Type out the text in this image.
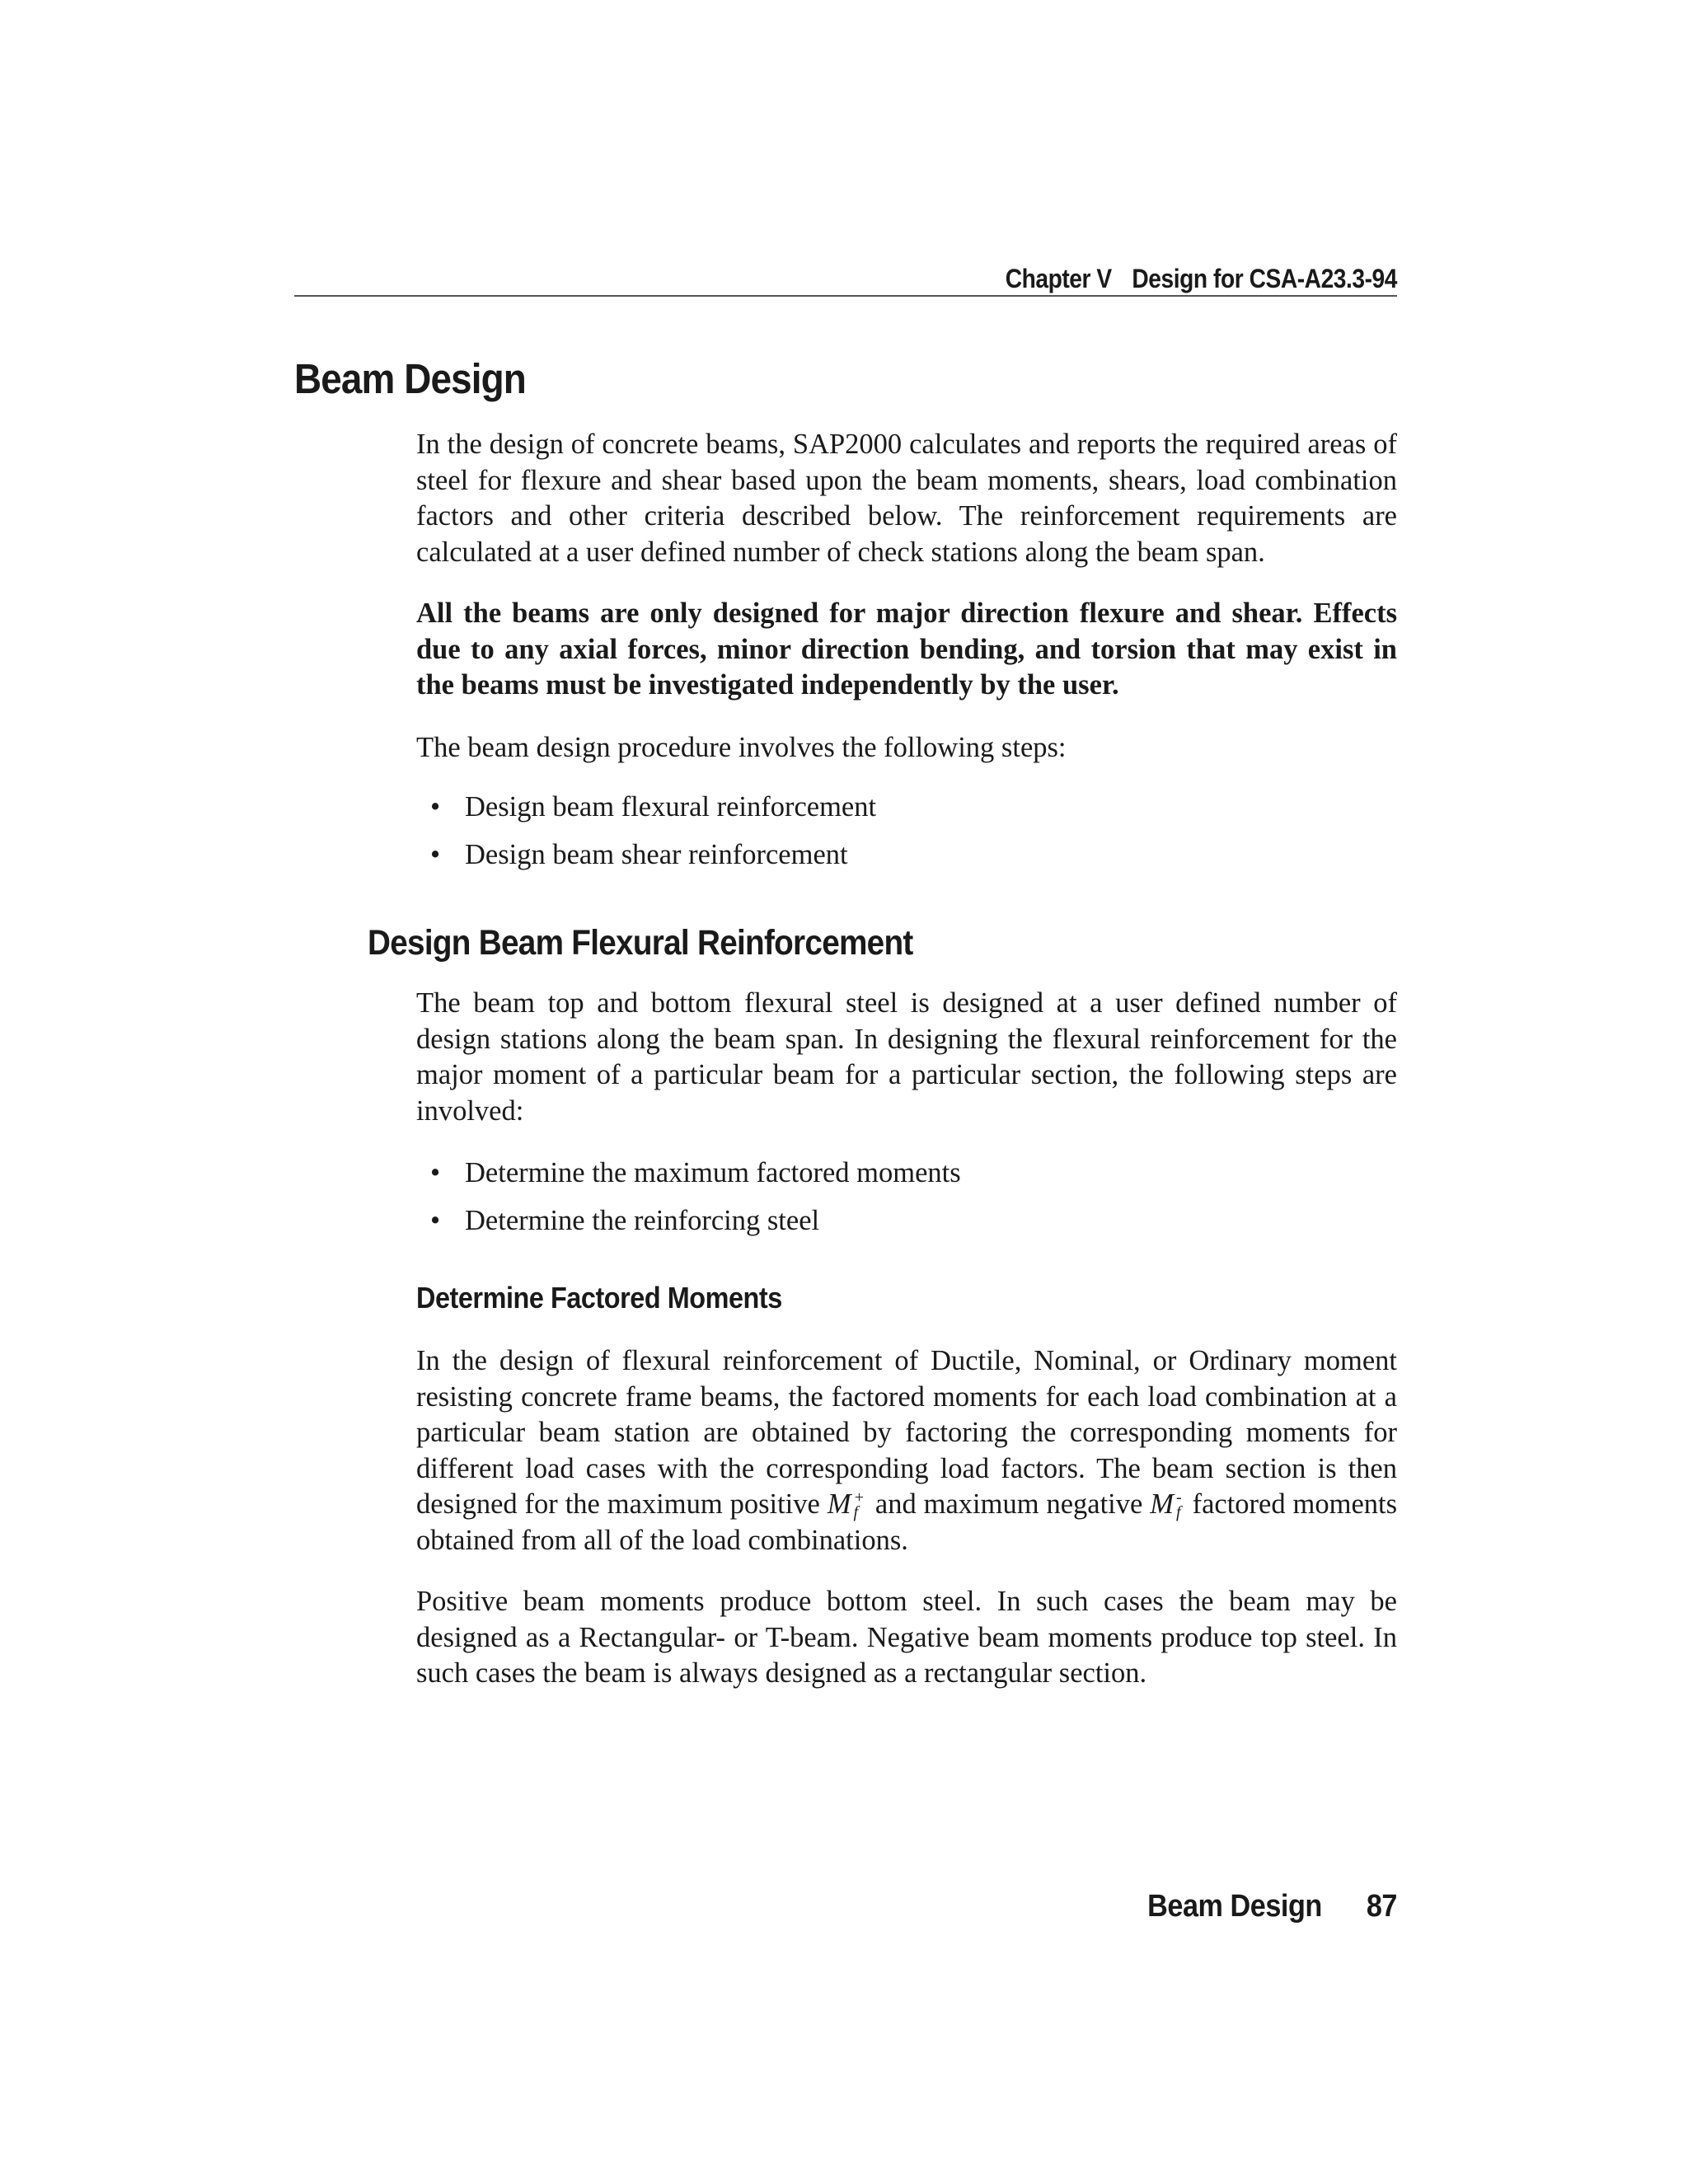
Chapter V Design for CSA-A23.3-94
Beam Design

In the design of concrete beams, SAP2000 calculates and reports the required areas of steel for flexure and shear based upon the beam moments, shears, load combination factors and other criteria described below. The reinforcement requirements are calculated at a user defined number of check stations along the beam span.

All the beams are only designed for major direction flexure and shear. Effects due to any axial forces, minor direction bending, and torsion that may exist in the beams must be investigated independently by the user.

The beam design procedure involves the following steps:

• Design beam flexural reinforcement
• Design beam shear reinforcement
Design Beam Flexural Reinforcement

The beam top and bottom flexural steel is designed at a user defined number of design stations along the beam span. In designing the flexural reinforcement for the major moment of a particular beam for a particular section, the following steps are involved:

• Determine the maximum factored moments
• Determine the reinforcing steel
Determine Factored Moments

In the design of flexural reinforcement of Ductile, Nominal, or Ordinary moment resisting concrete frame beams, the factored moments for each load combination at a particular beam station are obtained by factoring the corresponding moments for different load cases with the corresponding load factors. The beam section is then designed for the maximum positive M +
f and maximum negative M -
f factored moments obtained from all of the load combinations.

Positive beam moments produce bottom steel. In such cases the beam may be designed as a Rectangular- or T-beam. Negative beam moments produce top steel. In such cases the beam is always designed as a rectangular section.

Beam Design 87
